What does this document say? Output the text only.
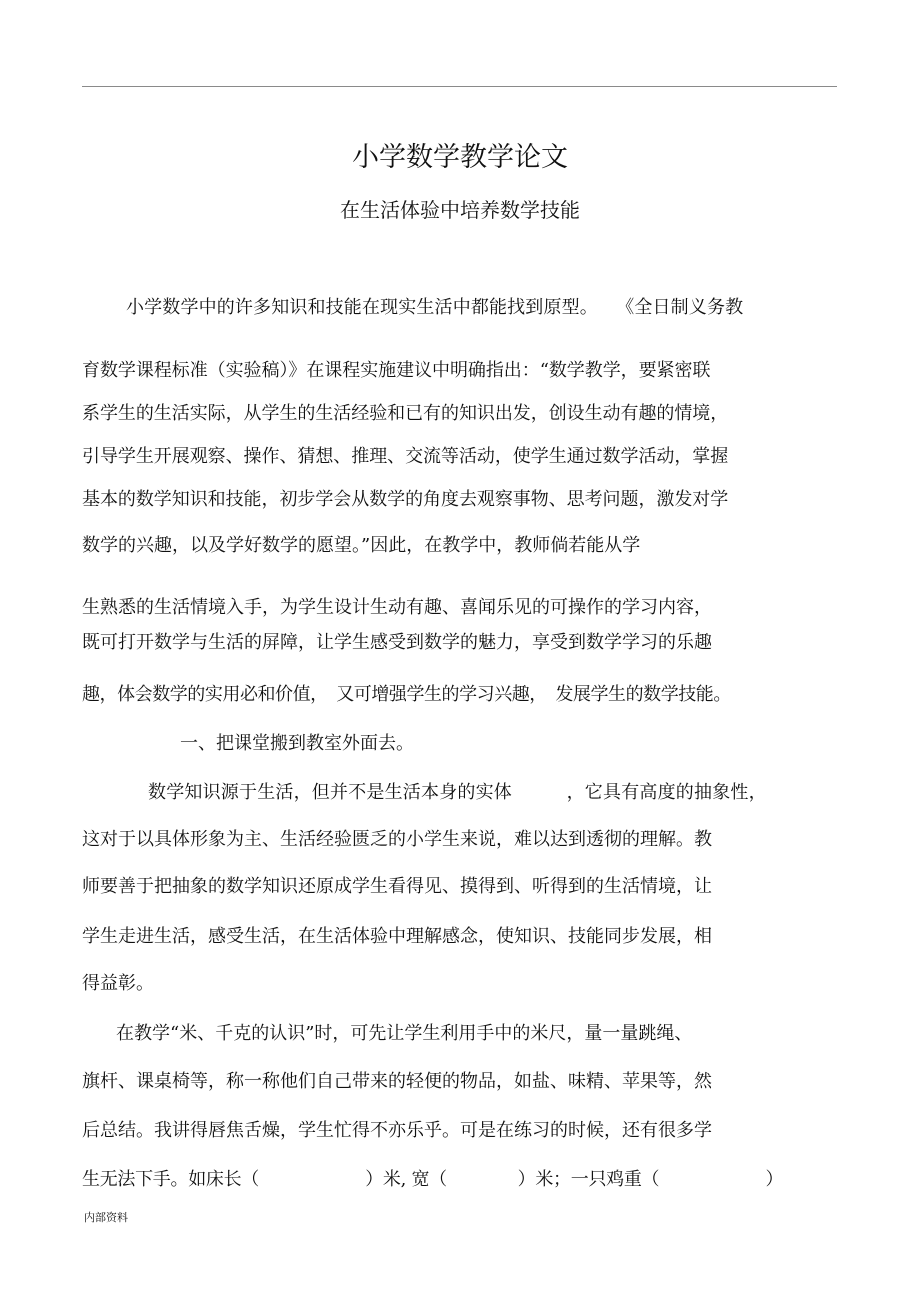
小学数学教学论文
在生活体验中培养数学技能
小学数学中的许多知识和技能在现实生活中都能找到原型。　　《全日制义务教
育数学课程标准（实验稿）》在课程实施建议中明确指出：“数学教学，要紧密联
系学生的生活实际，从学生的生活经验和已有的知识出发，创设生动有趣的情境，
引导学生开展观察、操作、猜想、推理、交流等活动，使学生通过数学活动，掌握
基本的数学知识和技能，初步学会从数学的角度去观察事物、思考问题，激发对学
数学的兴趣，以及学好数学的愿望。”因此，在教学中，教师倘若能从学
生熟悉的生活情境入手，为学生设计生动有趣、喜闻乐见的可操作的学习内容，
既可打开数学与生活的屏障，让学生感受到数学的魅力，享受到数学学习的乐趣
趣，体会数学的实用必和价值，　又可增强学生的学习兴趣，　发展学生的数学技能。
一、把课堂搬到教室外面去。
数学知识源于生活，但并不是生活本身的实体　　　，它具有高度的抽象性，
这对于以具体形象为主、生活经验匮乏的小学生来说，难以达到透彻的理解。教
师要善于把抽象的数学知识还原成学生看得见、摸得到、听得到的生活情境，让
学生走进生活，感受生活，在生活体验中理解感念，使知识、技能同步发展，相
得益彰。
在教学“米、千克的认识”时，可先让学生利用手中的米尺，量一量跳绳、
旗杆、课桌椅等，称一称他们自己带来的轻便的物品，如盐、味精、苹果等，然
后总结。我讲得唇焦舌燥，学生忙得不亦乐乎。可是在练习的时候，还有很多学
生无法下手。如床长（　　　　　　）米, 宽（　　　　）米；一只鸡重（　　　　　　）
内部资料
